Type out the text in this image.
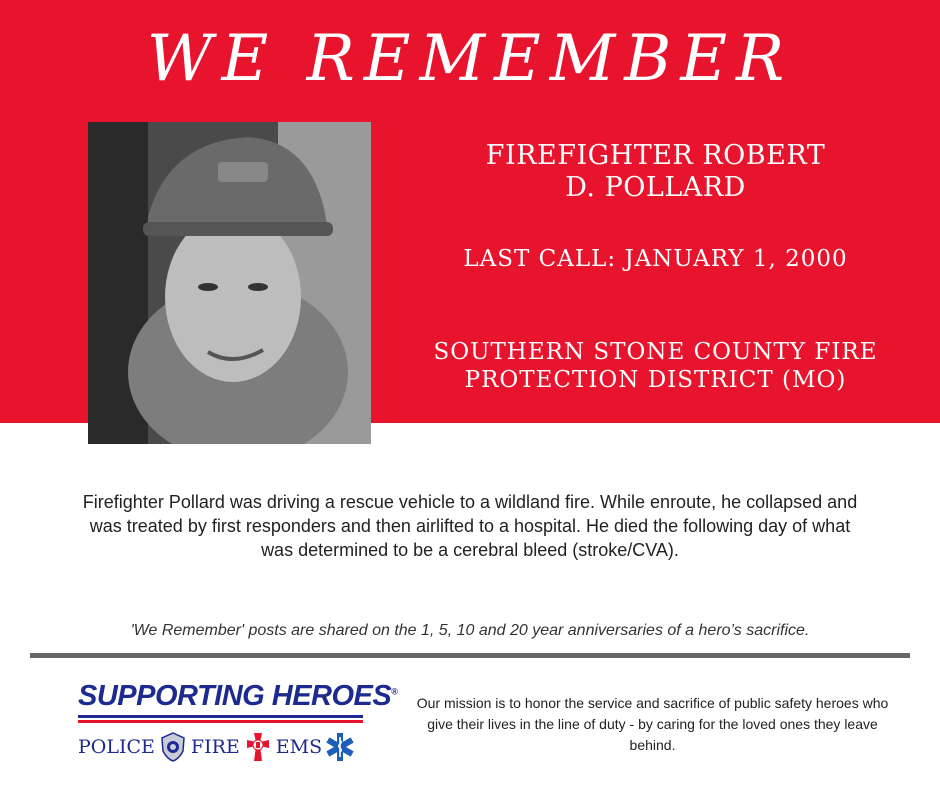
WE REMEMBER
FIREFIGHTER ROBERT
D. POLLARD
LAST CALL: JANUARY 1, 2000
SOUTHERN STONE COUNTY FIRE
PROTECTION DISTRICT (MO)
Firefighter Pollard was driving a rescue vehicle to a wildland fire. While enroute, he collapsed and was treated by first responders and then airlifted to a hospital. He died the following day of what was determined to be a cerebral bleed (stroke/CVA).
'We Remember' posts are shared on the 1, 5, 10 and 20 year anniversaries of a hero’s sacrifice.
SUPPORTING HEROES®
POLICE FIRE EMS
Our mission is to honor the service and sacrifice of public safety heroes who give their lives in the line of duty - by caring for the loved ones they leave behind.
